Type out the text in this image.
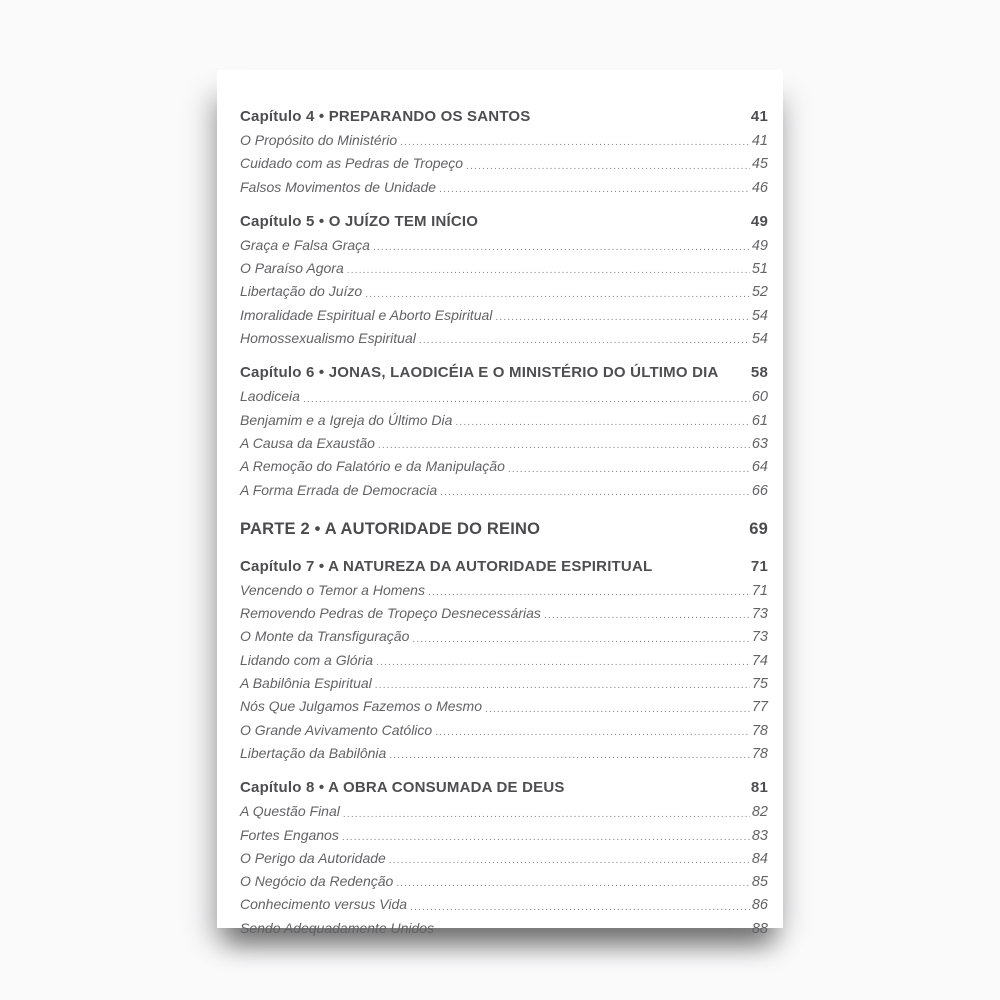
Capítulo 4 • PREPARANDO OS SANTOS	41
O Propósito do Ministério .....	41
Cuidado com as Pedras de Tropeço .....	45
Falsos Movimentos de Unidade .....	46
Capítulo 5 • O JUÍZO TEM INÍCIO	49
Graça e Falsa Graça .....	49
O Paraíso Agora .....	51
Libertação do Juízo .....	52
Imoralidade Espiritual e Aborto Espiritual .....	54
Homossexualismo Espiritual .....	54
Capítulo 6 • JONAS, LAODICÉIA E O MINISTÉRIO DO ÚLTIMO DIA 58
Laodiceia .....	60
Benjamim e a Igreja do Último Dia .....	61
A Causa da Exaustão .....	63
A Remoção do Falatório e da Manipulação .....	64
A Forma Errada de Democracia .....	66
PARTE 2 • A AUTORIDADE DO REINO	69
Capítulo 7 • A NATUREZA DA AUTORIDADE ESPIRITUAL	71
Vencendo o Temor a Homens .....	71
Removendo Pedras de Tropeço Desnecessárias .....	73
O Monte da Transfiguração .....	73
Lidando com a Glória .....	74
A Babilônia Espiritual .....	75
Nós Que Julgamos Fazemos o Mesmo .....	77
O Grande Avivamento Católico .....	78
Libertação da Babilônia .....	78
Capítulo 8 • A OBRA CONSUMADA DE DEUS	81
A Questão Final .....	82
Fortes Enganos .....	83
O Perigo da Autoridade .....	84
O Negócio da Redenção .....	85
Conhecimento versus Vida .....	86
Sendo Adequadamente Unidos .....	88
